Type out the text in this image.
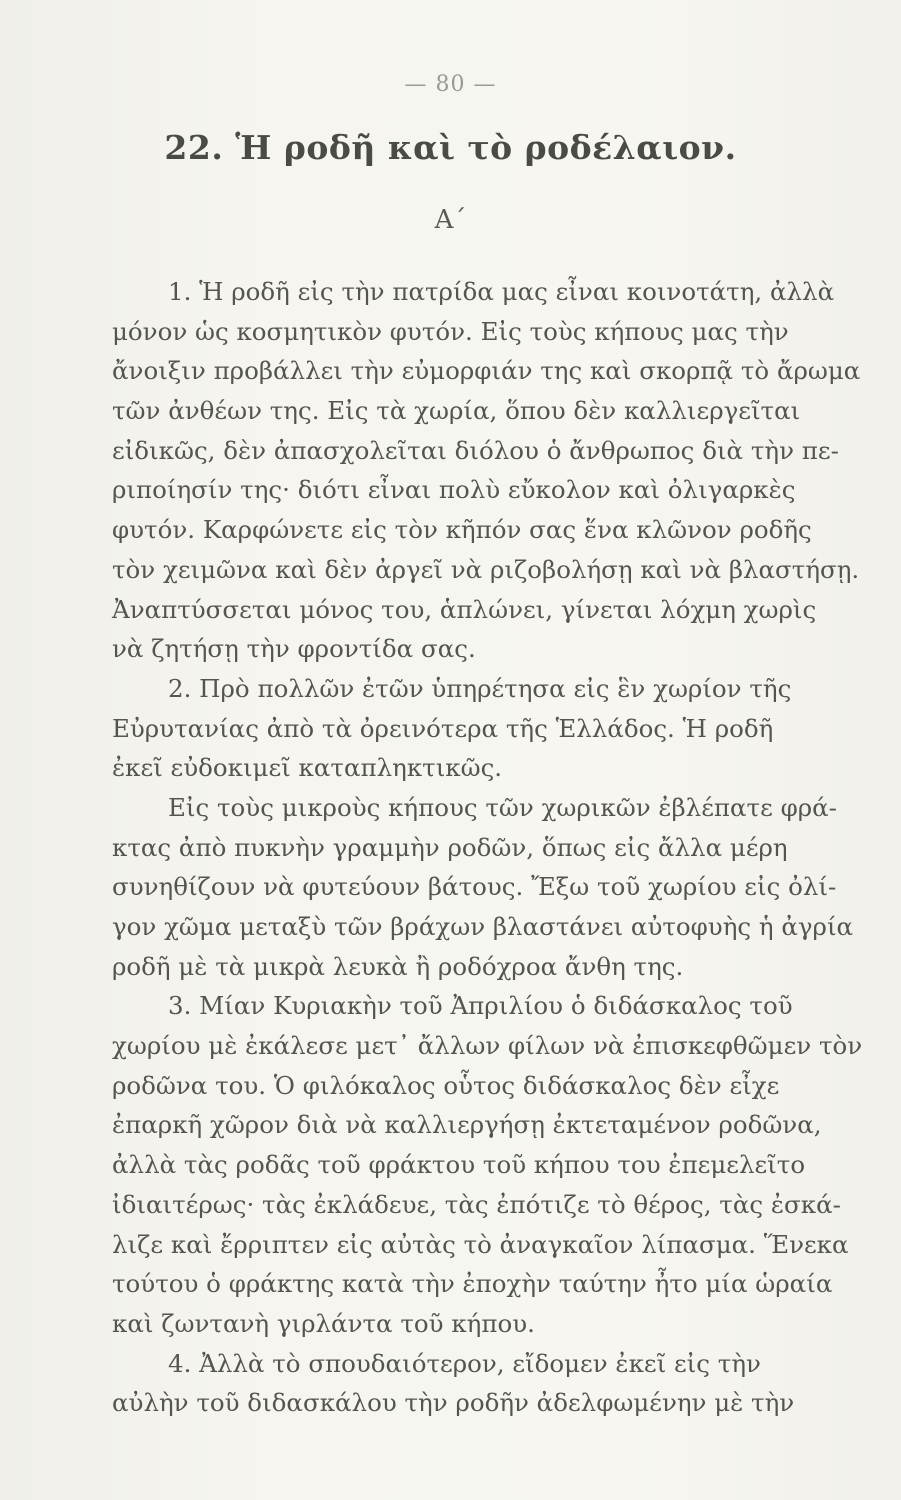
— 80 —
22. Ἡ ροδῆ καὶ τὸ ροδέλαιον.
Α΄
1. Ἡ ροδῆ εἰς τὴν πατρίδα μας εἶναι κοινοτάτη, ἀλλὰ
μόνον ὡς κοσμητικὸν φυτόν. Εἰς τοὺς κήπους μας τὴν
ἄνοιξιν προβάλλει τὴν εὐμορφιάν της καὶ σκορπᾷ τὸ ἄρωμα
τῶν ἀνθέων της. Εἰς τὰ χωρία, ὅπου δὲν καλλιεργεῖται
εἰδικῶς, δὲν ἀπασχολεῖται διόλου ὁ ἄνθρωπος διὰ τὴν πε-
ριποίησίν της· διότι εἶναι πολὺ εὔκολον καὶ ὀλιγαρκὲς
φυτόν. Καρφώνετε εἰς τὸν κῆπόν σας ἕνα κλῶνον ροδῆς
τὸν χειμῶνα καὶ δὲν ἀργεῖ νὰ ριζοβολήσῃ καὶ νὰ βλαστήσῃ.
Ἀναπτύσσεται μόνος του, ἁπλώνει, γίνεται λόχμη χωρὶς
νὰ ζητήσῃ τὴν φροντίδα σας.
2. Πρὸ πολλῶν ἐτῶν ὑπηρέτησα εἰς ἓν χωρίον τῆς
Εὐρυτανίας ἀπὸ τὰ ὀρεινότερα τῆς Ἑλλάδος. Ἡ ροδῆ
ἐκεῖ εὐδοκιμεῖ καταπληκτικῶς.
Εἰς τοὺς μικροὺς κήπους τῶν χωρικῶν ἐβλέπατε φρά-
κτας ἀπὸ πυκνὴν γραμμὴν ροδῶν, ὅπως εἰς ἄλλα μέρη
συνηθίζουν νὰ φυτεύουν βάτους. Ἔξω τοῦ χωρίου εἰς ὀλί-
γον χῶμα μεταξὺ τῶν βράχων βλαστάνει αὐτοφυὴς ἡ ἀγρία
ροδῆ μὲ τὰ μικρὰ λευκὰ ἢ ροδόχροα ἄνθη της.
3. Μίαν Κυριακὴν τοῦ Ἀπριλίου ὁ διδάσκαλος τοῦ
χωρίου μὲ ἐκάλεσε μετ᾽ ἄλλων φίλων νὰ ἐπισκεφθῶμεν τὸν
ροδῶνα του. Ὁ φιλόκαλος οὗτος διδάσκαλος δὲν εἶχε
ἐπαρκῆ χῶρον διὰ νὰ καλλιεργήσῃ ἐκτεταμένον ροδῶνα,
ἀλλὰ τὰς ροδᾶς τοῦ φράκτου τοῦ κήπου του ἐπεμελεῖτο
ἰδιαιτέρως· τὰς ἐκλάδευε, τὰς ἐπότιζε τὸ θέρος, τὰς ἐσκά-
λιζε καὶ ἔρριπτεν εἰς αὐτὰς τὸ ἀναγκαῖον λίπασμα. Ἕνεκα
τούτου ὁ φράκτης κατὰ τὴν ἐποχὴν ταύτην ἦτο μία ὡραία
καὶ ζωντανὴ γιρλάντα τοῦ κήπου.
4. Ἀλλὰ τὸ σπουδαιότερον, εἴδομεν ἐκεῖ εἰς τὴν
αὐλὴν τοῦ διδασκάλου τὴν ροδῆν ἀδελφωμένην μὲ τὴν
